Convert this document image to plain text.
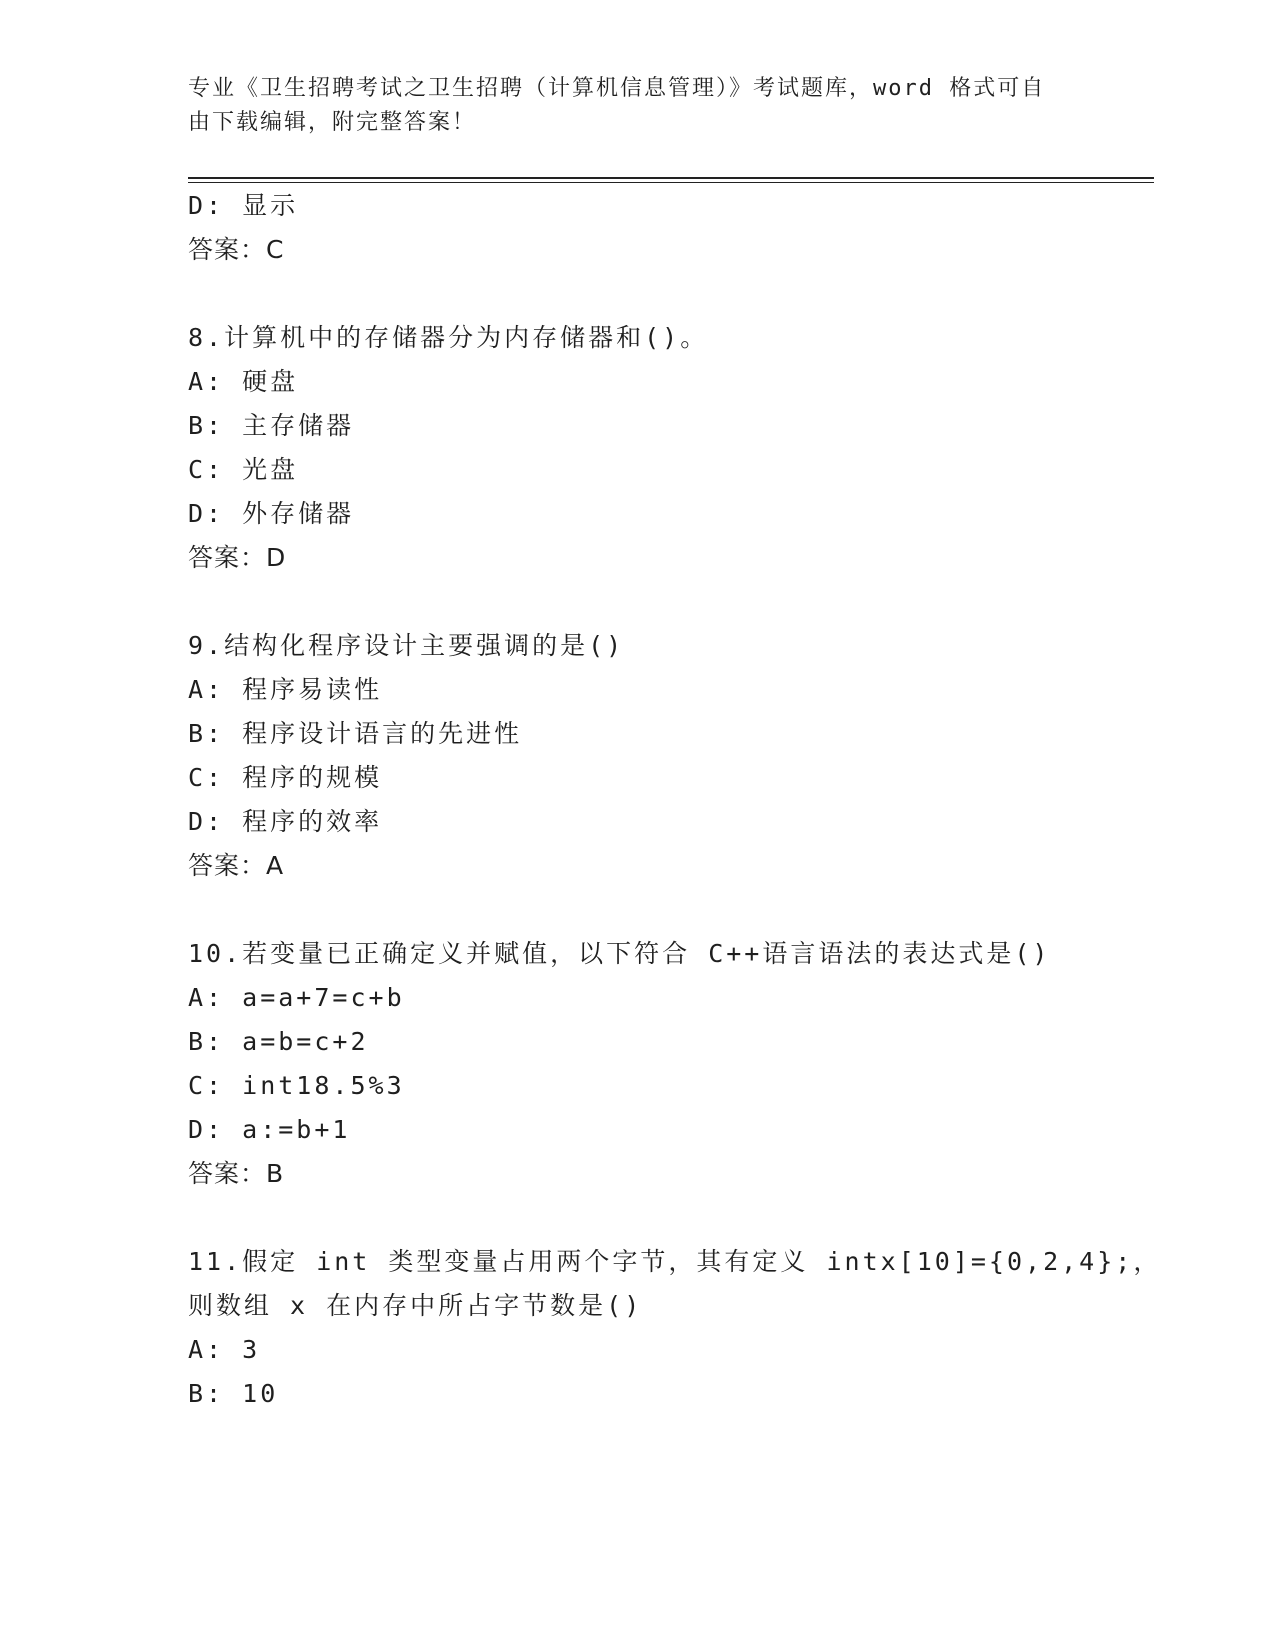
专业《卫生招聘考试之卫生招聘（计算机信息管理）》考试题库，word 格式可自
由下载编辑，附完整答案！
D: 显示
答案：C
8.计算机中的存储器分为内存储器和()。
A: 硬盘
B: 主存储器
C: 光盘
D: 外存储器
答案：D
9.结构化程序设计主要强调的是()
A: 程序易读性
B: 程序设计语言的先进性
C: 程序的规模
D: 程序的效率
答案：A
10.若变量已正确定义并赋值，以下符合 C++语言语法的表达式是()
A: a=a+7=c+b
B: a=b=c+2
C: int18.5%3
D: a:=b+1
答案：B
11.假定 int 类型变量占用两个字节，其有定义 intx[10]={0,2,4};，
则数组 x 在内存中所占字节数是()
A: 3
B: 10
